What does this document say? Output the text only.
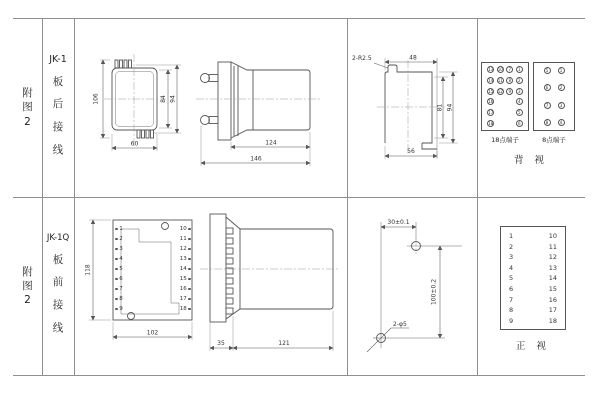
附图2
JK-1
板后接线
106	84 94
60	124
146
2-R2.5	48
81 94
56
13 10	7	1
14 11	8	2
15 12	9	3
16	4
17	5
18	6
5	1
6	2
7	3
8	4
18点端子	8点端子
背 视
附图2
JK-1Q
板前接线
118
102
1
2
3
4
5
6
7
8
9
10
11
12
13
14
15
16
17
18
35	121
30±0.1
100±0.2
2-φ5
1
2
3
4
5
6
7
8
9
10
11
12
13
14
15
16
17
18
正 视
